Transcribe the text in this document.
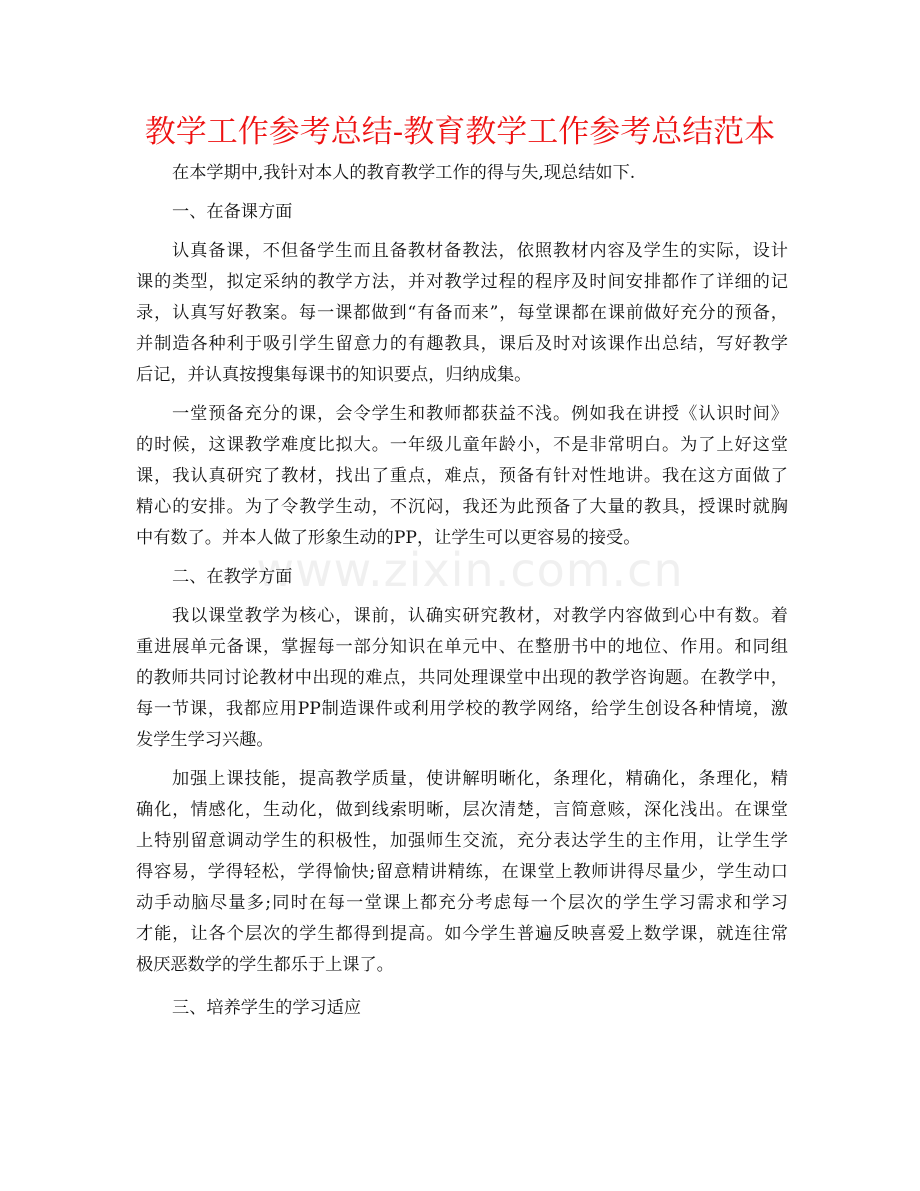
教学工作参考总结-教育教学工作参考总结范本
www.zixin.com.cn

在本学期中,我针对本人的教育教学工作的得与失,现总结如下.

一、在备课方面

认真备课，不但备学生而且备教材备教法，依照教材内容及学生的实际，设计

课的类型，拟定采纳的教学方法，并对教学过程的程序及时间安排都作了详细的记

录，认真写好教案。每一课都做到“有备而来”，每堂课都在课前做好充分的预备，

并制造各种利于吸引学生留意力的有趣教具，课后及时对该课作出总结，写好教学

后记，并认真按搜集每课书的知识要点，归纳成集。

一堂预备充分的课，会令学生和教师都获益不浅。例如我在讲授《认识时间》

的时候，这课教学难度比拟大。一年级儿童年龄小，不是非常明白。为了上好这堂

课，我认真研究了教材，找出了重点，难点，预备有针对性地讲。我在这方面做了

精心的安排。为了令教学生动，不沉闷，我还为此预备了大量的教具，授课时就胸

中有数了。并本人做了形象生动的PP，让学生可以更容易的接受。

二、在教学方面

我以课堂教学为核心，课前，认确实研究教材，对教学内容做到心中有数。着

重进展单元备课，掌握每一部分知识在单元中、在整册书中的地位、作用。和同组

的教师共同讨论教材中出现的难点，共同处理课堂中出现的教学咨询题。在教学中，

每一节课，我都应用PP制造课件或利用学校的教学网络，给学生创设各种情境，激

发学生学习兴趣。

加强上课技能，提高教学质量，使讲解明晰化，条理化，精确化，条理化，精

确化，情感化，生动化，做到线索明晰，层次清楚，言简意赅，深化浅出。在课堂

上特别留意调动学生的积极性，加强师生交流，充分表达学生的主作用，让学生学

得容易，学得轻松，学得愉快;留意精讲精练，在课堂上教师讲得尽量少，学生动口

动手动脑尽量多;同时在每一堂课上都充分考虑每一个层次的学生学习需求和学习

才能，让各个层次的学生都得到提高。如今学生普遍反映喜爱上数学课，就连往常

极厌恶数学的学生都乐于上课了。

三、培养学生的学习适应
